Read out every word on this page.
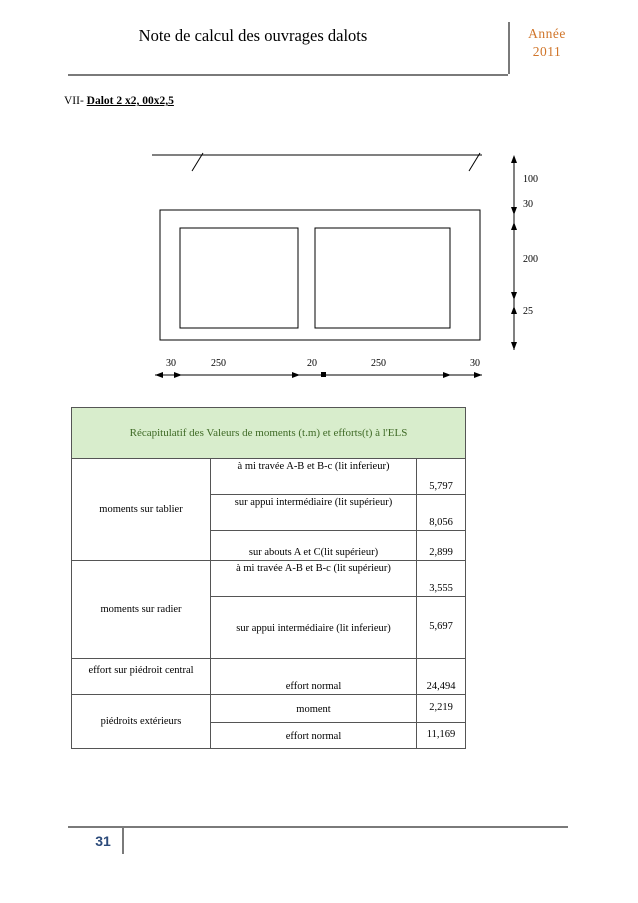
Note de calcul des ouvrages dalots	Année
2011
VII- Dalot 2 x2, 00x2,5
100
30
200
25
30	250	20	250	30
Récapitulatif des Valeurs de moments (t.m) et efforts(t) à l'ELS		
moments sur tablier	à mi travée A-B et B-c (lit inferieur)	5,797
	sur appui intermédiaire (lit supérieur)	8,056
	sur abouts A et C(lit supérieur)	2,899
moments sur radier	à mi travée A-B et B-c (lit supérieur)	3,555
	sur appui intermédiaire (lit inferieur)	5,697
effort sur piédroit central	effort normal	24,494
piédroits extérieurs	moment	2,219
	effort normal	11,169
31
